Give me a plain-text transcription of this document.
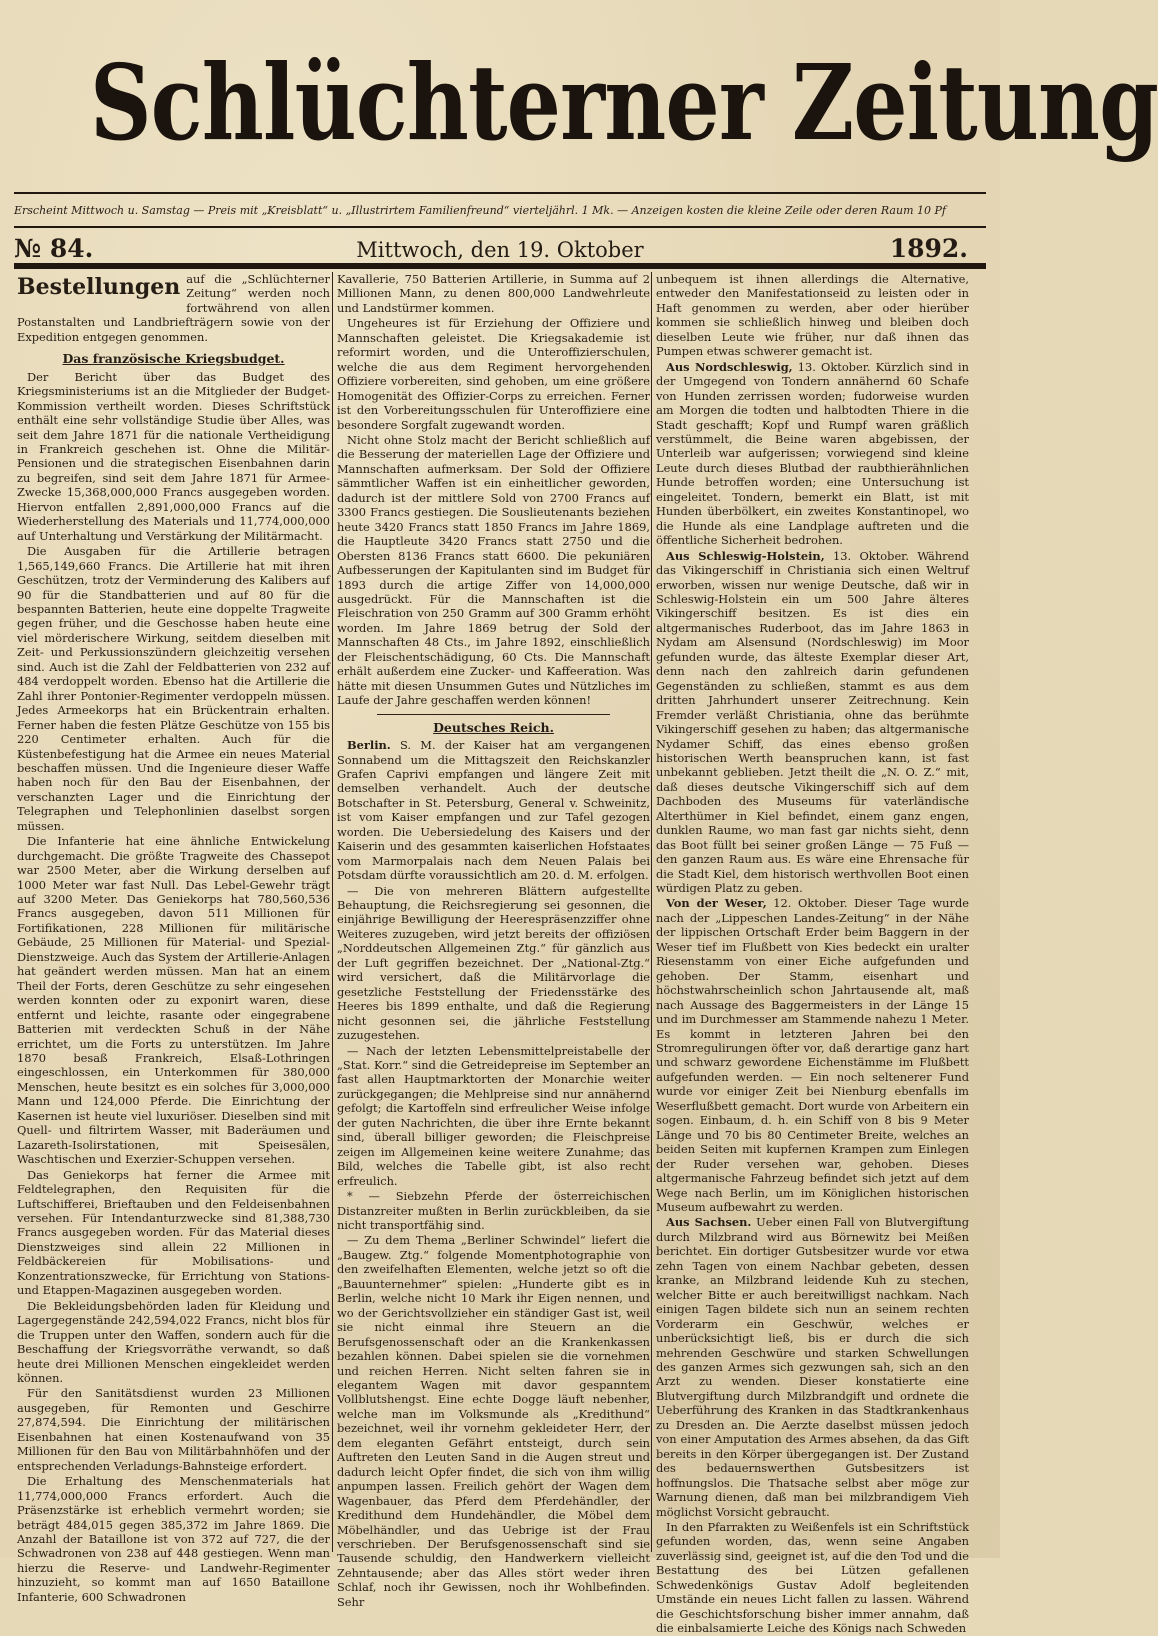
Schlüchterner Zeitung
Erscheint Mittwoch u. Samstag — Preis mit „Kreisblatt“ u. „Illustrirtem Familienfreund“ vierteljährl. 1 Mk. — Anzeigen kosten die kleine Zeile oder deren Raum 10 Pf
№ 84.	Mittwoch, den 19. Oktober	1892.
Bestellungen auf die „Schlüchterner Zeitung“ werden noch fortwährend von allen Postanstalten und Landbriefträgern sowie von der Expedition entgegen genommen.
Das französische Kriegsbudget.

Der Bericht über das Budget des Kriegsministeriums ist an die Mitglieder der Budget-Kommission vertheilt worden. Dieses Schriftstück enthält eine sehr vollständige Studie über Alles, was seit dem Jahre 1871 für die nationale Vertheidigung in Frankreich geschehen ist. Ohne die Militär-Pensionen und die strategischen Eisenbahnen darin zu begreifen, sind seit dem Jahre 1871 für Armee-Zwecke 15,368,000,000 Francs ausgegeben worden. Hiervon entfallen 2,891,000,000 Francs auf die Wiederherstellung des Materials und 11,774,000,000 auf Unterhaltung und Verstärkung der Militärmacht.

Die Ausgaben für die Artillerie betragen 1,565,149,660 Francs. Die Artillerie hat mit ihren Geschützen, trotz der Verminderung des Kalibers auf 90 für die Standbatterien und auf 80 für die bespannten Batterien, heute eine doppelte Tragweite gegen früher, und die Geschosse haben heute eine viel mörderischere Wirkung, seitdem dieselben mit Zeit- und Perkussionszündern gleichzeitig versehen sind. Auch ist die Zahl der Feldbatterien von 232 auf 484 verdoppelt worden. Ebenso hat die Artillerie die Zahl ihrer Pontonier-Regimenter verdoppeln müssen. Jedes Armeekorps hat ein Brückentrain erhalten. Ferner haben die festen Plätze Geschütze von 155 bis 220 Centimeter erhalten. Auch für die Küstenbefestigung hat die Armee ein neues Material beschaffen müssen. Und die Ingenieure dieser Waffe haben noch für den Bau der Eisenbahnen, der verschanzten Lager und die Einrichtung der Telegraphen und Telephonlinien daselbst sorgen müssen.

Die Infanterie hat eine ähnliche Entwickelung durchgemacht. Die größte Tragweite des Chassepot war 2500 Meter, aber die Wirkung derselben auf 1000 Meter war fast Null. Das Lebel-Gewehr trägt auf 3200 Meter. Das Geniekorps hat 780,560,536 Francs ausgegeben, davon 511 Millionen für Fortifikationen, 228 Millionen für militärische Gebäude, 25 Millionen für Material- und Spezial-Dienstzweige. Auch das System der Artillerie-Anlagen hat geändert werden müssen. Man hat an einem Theil der Forts, deren Geschütze zu sehr eingesehen werden konnten oder zu exponirt waren, diese entfernt und leichte, rasante oder eingegrabene Batterien mit verdeckten Schuß in der Nähe errichtet, um die Forts zu unterstützen. Im Jahre 1870 besaß Frankreich, Elsaß-Lothringen eingeschlossen, ein Unterkommen für 380,000 Menschen, heute besitzt es ein solches für 3,000,000 Mann und 124,000 Pferde. Die Einrichtung der Kasernen ist heute viel luxuriöser. Dieselben sind mit Quell- und filtrirtem Wasser, mit Baderäumen und Lazareth-Isolirstationen, mit Speisesälen, Waschtischen und Exerzier-Schuppen versehen.

Das Geniekorps hat ferner die Armee mit Feldtelegraphen, den Requisiten für die Luftschifferei, Brieftauben und den Feldeisenbahnen versehen. Für Intendanturzwecke sind 81,388,730 Francs ausgegeben worden. Für das Material dieses Dienstzweiges sind allein 22 Millionen in Feldbäckereien für Mobilisations- und Konzentrationszwecke, für Errichtung von Stations- und Etappen-Magazinen ausgegeben worden.

Die Bekleidungsbehörden laden für Kleidung und Lagergegenstände 242,594,022 Francs, nicht blos für die Truppen unter den Waffen, sondern auch für die Beschaffung der Kriegsvorräthe verwandt, so daß heute drei Millionen Menschen eingekleidet werden können.

Für den Sanitätsdienst wurden 23 Millionen ausgegeben, für Remonten und Geschirre 27,874,594. Die Einrichtung der militärischen Eisenbahnen hat einen Kostenaufwand von 35 Millionen für den Bau von Militärbahnhöfen und der entsprechenden Verladungs-Bahnsteige erfordert.

Die Erhaltung des Menschenmaterials hat 11,774,000,000 Francs erfordert. Auch die Präsenzstärke ist erheblich vermehrt worden; sie beträgt 484,015 gegen 385,372 im Jahre 1869. Die Anzahl der Bataillone ist von 372 auf 727, die der Schwadronen von 238 auf 448 gestiegen. Wenn man hierzu die Reserve- und Landwehr-Regimenter hinzuzieht, so kommt man auf 1650 Bataillone Infanterie, 600 Schwadronen

Kavallerie, 750 Batterien Artillerie, in Summa auf 2 Millionen Mann, zu denen 800,000 Landwehrleute und Landstürmer kommen.

Ungeheures ist für Erziehung der Offiziere und Mannschaften geleistet. Die Kriegsakademie ist reformirt worden, und die Unteroffizierschulen, welche die aus dem Regiment hervorgehenden Offiziere vorbereiten, sind gehoben, um eine größere Homogenität des Offizier-Corps zu erreichen. Ferner ist den Vorbereitungsschulen für Unteroffiziere eine besondere Sorgfalt zugewandt worden.

Nicht ohne Stolz macht der Bericht schließlich auf die Besserung der materiellen Lage der Offiziere und Mannschaften aufmerksam. Der Sold der Offiziere sämmtlicher Waffen ist ein einheitlicher geworden, dadurch ist der mittlere Sold von 2700 Francs auf 3300 Francs gestiegen. Die Souslieutenants beziehen heute 3420 Francs statt 1850 Francs im Jahre 1869, die Hauptleute 3420 Francs statt 2750 und die Obersten 8136 Francs statt 6600. Die pekuniären Aufbesserungen der Kapitulanten sind im Budget für 1893 durch die artige Ziffer von 14,000,000 ausgedrückt. Für die Mannschaften ist die Fleischration von 250 Gramm auf 300 Gramm erhöht worden. Im Jahre 1869 betrug der Sold der Mannschaften 48 Cts., im Jahre 1892, einschließlich der Fleischentschädigung, 60 Cts. Die Mannschaft erhält außerdem eine Zucker- und Kaffeeration. Was hätte mit diesen Unsummen Gutes und Nützliches im Laufe der Jahre geschaffen werden können!

Deutsches Reich.

Berlin. S. M. der Kaiser hat am vergangenen Sonnabend um die Mittagszeit den Reichskanzler Grafen Caprivi empfangen und längere Zeit mit demselben verhandelt. Auch der deutsche Botschafter in St. Petersburg, General v. Schweinitz, ist vom Kaiser empfangen und zur Tafel gezogen worden. Die Uebersiedelung des Kaisers und der Kaiserin und des gesammten kaiserlichen Hofstaates vom Marmorpalais nach dem Neuen Palais bei Potsdam dürfte voraussichtlich am 20. d. M. erfolgen.

— Die von mehreren Blättern aufgestellte Behauptung, die Reichsregierung sei gesonnen, die einjährige Bewilligung der Heerespräsenzziffer ohne Weiteres zuzugeben, wird jetzt bereits der offiziösen „Norddeutschen Allgemeinen Ztg.“ für gänzlich aus der Luft gegriffen bezeichnet. Der „National-Ztg.“ wird versichert, daß die Militärvorlage die gesetzliche Feststellung der Friedensstärke des Heeres bis 1899 enthalte, und daß die Regierung nicht gesonnen sei, die jährliche Feststellung zuzugestehen.

— Nach der letzten Lebensmittelpreistabelle der „Stat. Korr.“ sind die Getreidepreise im September an fast allen Hauptmarktorten der Monarchie weiter zurückgegangen; die Mehlpreise sind nur annähernd gefolgt; die Kartoffeln sind erfreulicher Weise infolge der guten Nachrichten, die über ihre Ernte bekannt sind, überall billiger geworden; die Fleischpreise zeigen im Allgemeinen keine weitere Zunahme; das Bild, welches die Tabelle gibt, ist also recht erfreulich.

* — Siebzehn Pferde der österreichischen Distanzreiter mußten in Berlin zurückbleiben, da sie nicht transportfähig sind.

— Zu dem Thema „Berliner Schwindel“ liefert die „Baugew. Ztg.“ folgende Momentphotographie von den zweifelhaften Elementen, welche jetzt so oft die „Bauunternehmer“ spielen: „Hunderte gibt es in Berlin, welche nicht 10 Mark ihr Eigen nennen, und wo der Gerichtsvollzieher ein ständiger Gast ist, weil sie nicht einmal ihre Steuern an die Berufsgenossenschaft oder an die Krankenkassen bezahlen können. Dabei spielen sie die vornehmen und reichen Herren. Nicht selten fahren sie in elegantem Wagen mit davor gespanntem Vollblutshengst. Eine echte Dogge läuft nebenher, welche man im Volksmunde als „Kredithund“ bezeichnet, weil ihr vornehm gekleideter Herr, der dem eleganten Gefährt entsteigt, durch sein Auftreten den Leuten Sand in die Augen streut und dadurch leicht Opfer findet, die sich von ihm willig anpumpen lassen. Freilich gehört der Wagen dem Wagenbauer, das Pferd dem Pferdehändler, der Kredithund dem Hundehändler, die Möbel dem Möbelhändler, und das Uebrige ist der Frau verschrieben. Der Berufsgenossenschaft sind sie Tausende schuldig, den Handwerkern vielleicht Zehntausende; aber das Alles stört weder ihren Schlaf, noch ihr Gewissen, noch ihr Wohlbefinden. Sehr

unbequem ist ihnen allerdings die Alternative, entweder den Manifestationseid zu leisten oder in Haft genommen zu werden, aber oder hierüber kommen sie schließlich hinweg und bleiben doch dieselben Leute wie früher, nur daß ihnen das Pumpen etwas schwerer gemacht ist.

Aus Nordschleswig, 13. Oktober. Kürzlich sind in der Umgegend von Tondern annähernd 60 Schafe von Hunden zerrissen worden; fudorweise wurden am Morgen die todten und halbtodten Thiere in die Stadt geschafft; Kopf und Rumpf waren gräßlich verstümmelt, die Beine waren abgebissen, der Unterleib war aufgerissen; vorwiegend sind kleine Leute durch dieses Blutbad der raubthierähnlichen Hunde betroffen worden; eine Untersuchung ist eingeleitet. Tondern, bemerkt ein Blatt, ist mit Hunden überbölkert, ein zweites Konstantinopel, wo die Hunde als eine Landplage auftreten und die öffentliche Sicherheit bedrohen.

Aus Schleswig-Holstein, 13. Oktober. Während das Vikingerschiff in Christiania sich einen Weltruf erworben, wissen nur wenige Deutsche, daß wir in Schleswig-Holstein ein um 500 Jahre älteres Vikingerschiff besitzen. Es ist dies ein altgermanisches Ruderboot, das im Jahre 1863 in Nydam am Alsensund (Nordschleswig) im Moor gefunden wurde, das älteste Exemplar dieser Art, denn nach den zahlreich darin gefundenen Gegenständen zu schließen, stammt es aus dem dritten Jahrhundert unserer Zeitrechnung. Kein Fremder verläßt Christiania, ohne das berühmte Vikingerschiff gesehen zu haben; das altgermanische Nydamer Schiff, das eines ebenso großen historischen Werth beanspruchen kann, ist fast unbekannt geblieben. Jetzt theilt die „N. O. Z.“ mit, daß dieses deutsche Vikingerschiff sich auf dem Dachboden des Museums für vaterländische Alterthümer in Kiel befindet, einem ganz engen, dunklen Raume, wo man fast gar nichts sieht, denn das Boot füllt bei seiner großen Länge — 75 Fuß — den ganzen Raum aus. Es wäre eine Ehrensache für die Stadt Kiel, dem historisch werthvollen Boot einen würdigen Platz zu geben.

Von der Weser, 12. Oktober. Dieser Tage wurde nach der „Lippeschen Landes-Zeitung“ in der Nähe der lippischen Ortschaft Erder beim Baggern in der Weser tief im Flußbett von Kies bedeckt ein uralter Riesenstamm von einer Eiche aufgefunden und gehoben. Der Stamm, eisenhart und höchstwahrscheinlich schon Jahrtausende alt, maß nach Aussage des Baggermeisters in der Länge 15 und im Durchmesser am Stammende nahezu 1 Meter. Es kommt in letzteren Jahren bei den Stromregulirungen öfter vor, daß derartige ganz hart und schwarz gewordene Eichenstämme im Flußbett aufgefunden werden. — Ein noch seltenerer Fund wurde vor einiger Zeit bei Nienburg ebenfalls im Weserflußbett gemacht. Dort wurde von Arbeitern ein sogen. Einbaum, d. h. ein Schiff von 8 bis 9 Meter Länge und 70 bis 80 Centimeter Breite, welches an beiden Seiten mit kupfernen Krampen zum Einlegen der Ruder versehen war, gehoben. Dieses altgermanische Fahrzeug befindet sich jetzt auf dem Wege nach Berlin, um im Königlichen historischen Museum aufbewahrt zu werden.

Aus Sachsen. Ueber einen Fall von Blutvergiftung durch Milzbrand wird aus Börnewitz bei Meißen berichtet. Ein dortiger Gutsbesitzer wurde vor etwa zehn Tagen von einem Nachbar gebeten, dessen kranke, an Milzbrand leidende Kuh zu stechen, welcher Bitte er auch bereitwilligst nachkam. Nach einigen Tagen bildete sich nun an seinem rechten Vorderarm ein Geschwür, welches er unberücksichtigt ließ, bis er durch die sich mehrenden Geschwüre und starken Schwellungen des ganzen Armes sich gezwungen sah, sich an den Arzt zu wenden. Dieser konstatierte eine Blutvergiftung durch Milzbrandgift und ordnete die Ueberführung des Kranken in das Stadtkrankenhaus zu Dresden an. Die Aerzte daselbst müssen jedoch von einer Amputation des Armes absehen, da das Gift bereits in den Körper übergegangen ist. Der Zustand des bedauernswerthen Gutsbesitzers ist hoffnungslos. Die Thatsache selbst aber möge zur Warnung dienen, daß man bei milzbrandigem Vieh möglichst Vorsicht gebraucht.

In den Pfarrakten zu Weißenfels ist ein Schriftstück gefunden worden, das, wenn seine Angaben zuverlässig sind, geeignet ist, auf die den Tod und die Bestattung des bei Lützen gefallenen Schwedenkönigs Gustav Adolf begleitenden Umstände ein neues Licht fallen zu lassen. Während die Geschichtsforschung bisher immer annahm, daß die einbalsamierte Leiche des Königs nach Schweden
